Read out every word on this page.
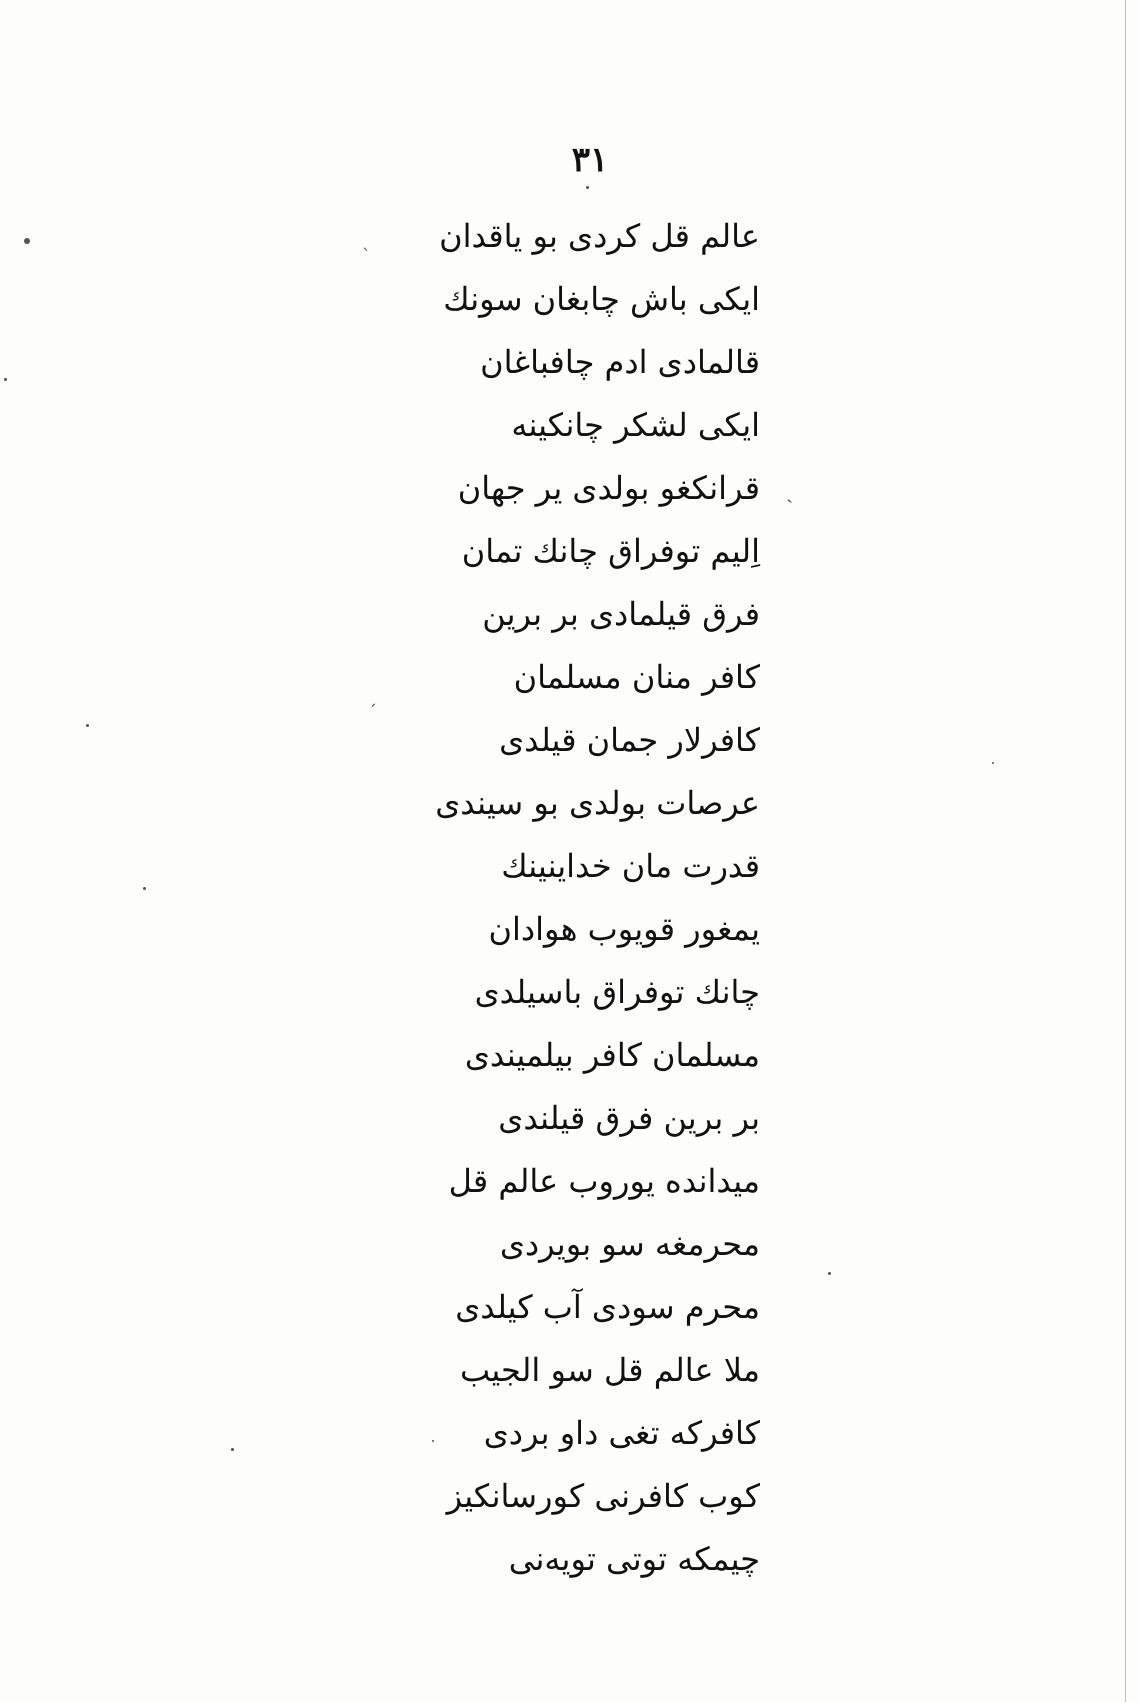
ˏ
ˋ
ˊ
۳۱
عالم قل کردی بو یاقدان
ایکی باش چابغان سونك
قالمادی ادم چافباغان
ایکی لشکر چانکینه
قرانکغو بولدی یر جهان
اِلیم توفراق چانك تمان
فرق قیلمادی بر برین
کافر منان مسلمان
کافرلار جمان قیلدی
عرصات بولدی بو سیندی
قدرت مان خداینینك
یمغور قویوب هوادان
چانك توفراق باسیلدی
مسلمان کافر بیلمیندی
بر برین فرق قیلندی
میدانده یوروب عالم قل
محرمغه سو بویردی
محرم سودی آب کیلدی
ملا عالم قل سو الجیب
کافرکه تغی داو بردی
کوب کافرنی کورسانکیز
چیمکه توتی تویه‌نی
